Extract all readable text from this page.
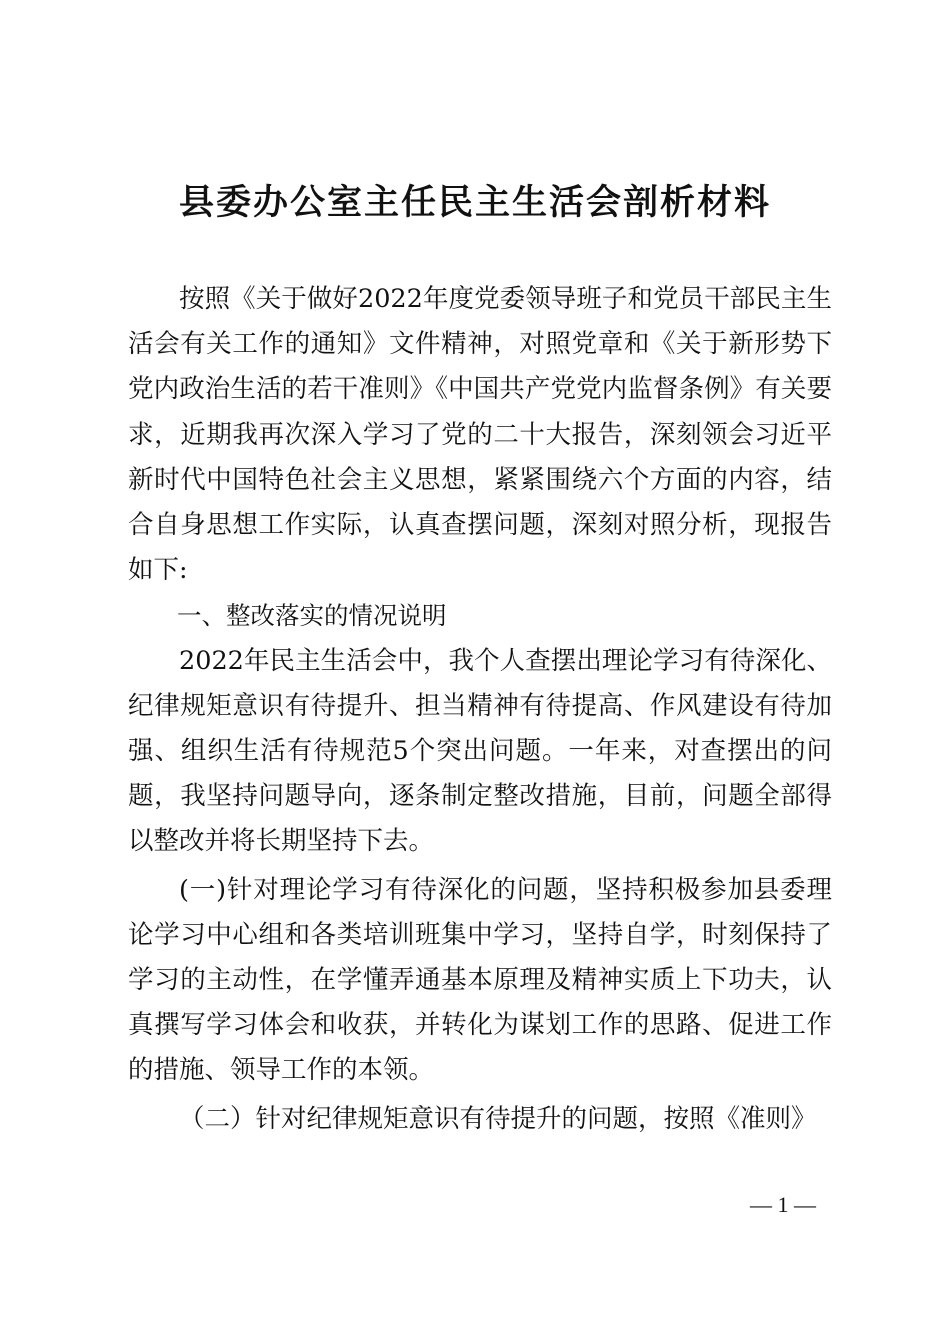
县委办公室主任民主生活会剖析材料

按照《关于做好2022年度党委领导班子和党员干部民主生活会有关工作的通知》文件精神，对照党章和《关于新形势下党内政治生活的若干准则》《中国共产党党内监督条例》有关要求，近期我再次深入学习了党的二十大报告，深刻领会习近平新时代中国特色社会主义思想，紧紧围绕六个方面的内容，结合自身思想工作实际，认真查摆问题，深刻对照分析，现报告如下:

一、整改落实的情况说明

2022年民主生活会中，我个人查摆出理论学习有待深化、纪律规矩意识有待提升、担当精神有待提高、作风建设有待加强、组织生活有待规范5个突出问题。一年来，对查摆出的问题，我坚持问题导向，逐条制定整改措施，目前，问题全部得以整改并将长期坚持下去。

(一)针对理论学习有待深化的问题，坚持积极参加县委理论学习中心组和各类培训班集中学习，坚持自学，时刻保持了学习的主动性，在学懂弄通基本原理及精神实质上下功夫，认真撰写学习体会和收获，并转化为谋划工作的思路、促进工作的措施、领导工作的本领。

（二）针对纪律规矩意识有待提升的问题，按照《准则》

— 1 —
